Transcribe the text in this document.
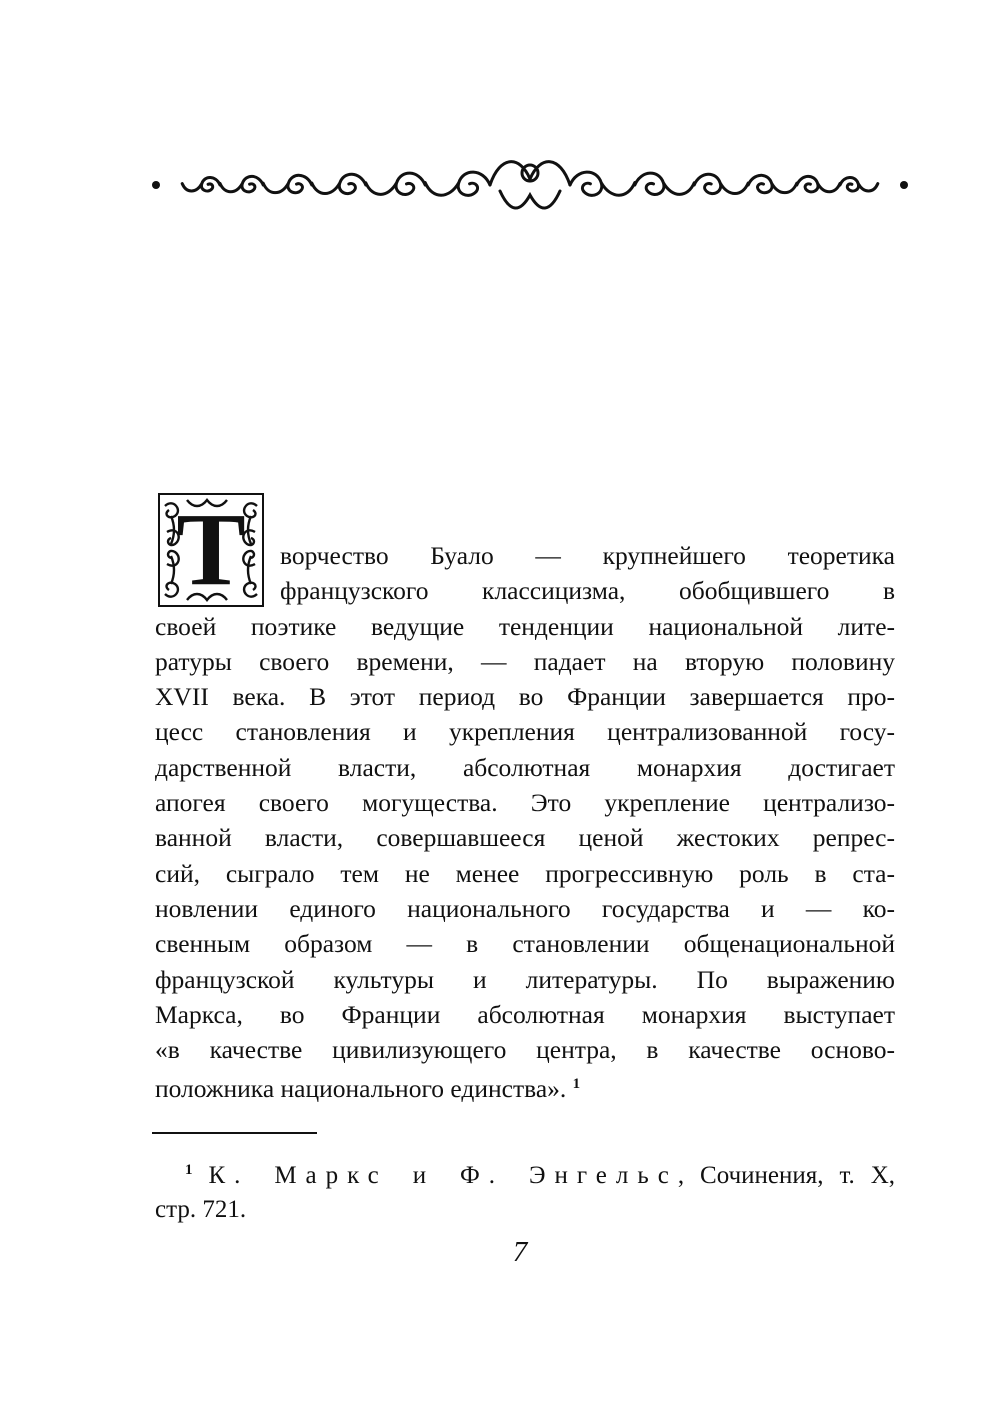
Т	ворчество Буало — крупнейшего теоретика
французского классицизма, обобщившего в
своей поэтике ведущие тенденции национальной лите-
ратуры своего времени, — падает на вторую половину
XVII века. В этот период во Франции завершается про-
цесс становления и укрепления централизованной госу-
дарственной власти, абсолютная монархия достигает
апогея своего могущества. Это укрепление централизо-
ванной власти, совершавшееся ценой жестоких репрес-
сий, сыграло тем не менее прогрессивную роль в ста-
новлении единого национального государства и — ко-
свенным образом — в становлении общенациональной
французской культуры и литературы. По выражению
Маркса, во Франции абсолютная монархия выступает
«в качестве цивилизующего центра, в качестве осново-
положника национального единства». $^1$
$^1$ К. Маркс и Ф. Энгельс, Сочинения, т. X,
стр. 721.
7
